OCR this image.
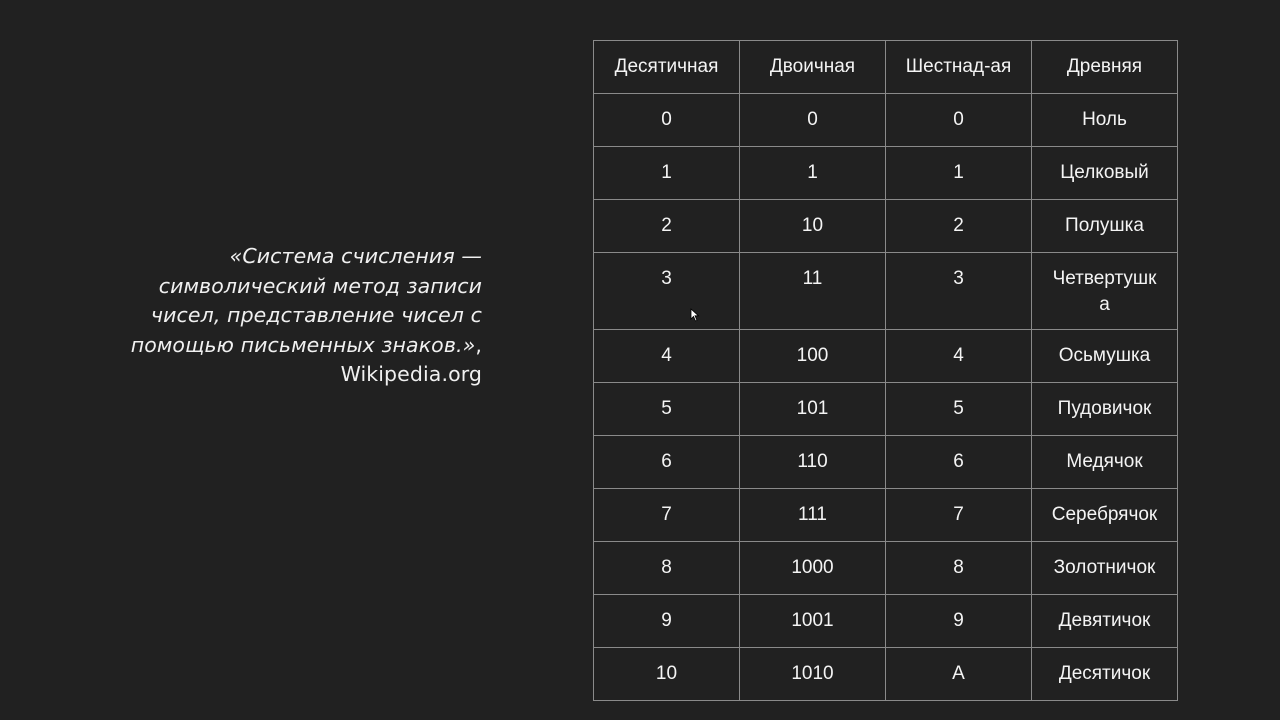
«Система счисления —
символический метод записи
чисел, представление чисел с
помощью письменных знаков.»,
Wikipedia.org
Десятичная	Двоичная	Шестнад-ая	Древняя
0	0	0	Ноль
1	1	1	Целковый
2	10	2	Полушка
3	11	3	Четвертушк
а
4	100	4	Осьмушка
5	101	5	Пудовичок
6	110	6	Медячок
7	111	7	Серебрячок
8	1000	8	Золотничок
9	1001	9	Девятичок
10	1010	A	Десятичок
